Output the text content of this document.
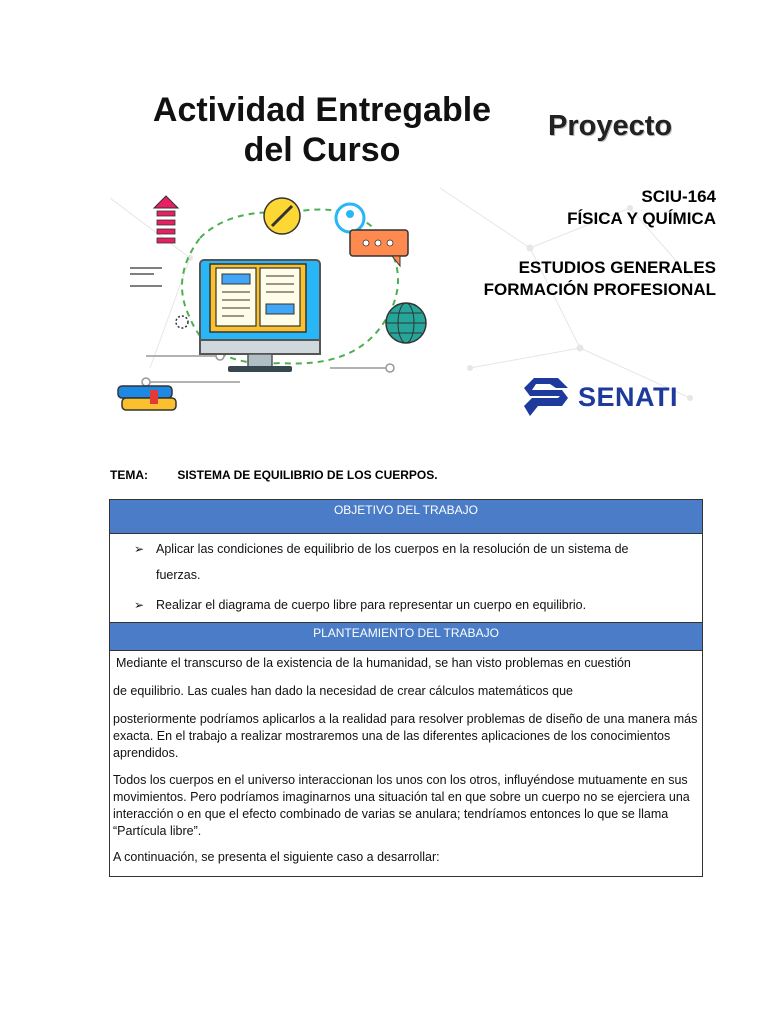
Actividad Entregable
del Curso
Proyecto
SCIU-164
FÍSICA Y QUÍMICA
ESTUDIOS GENERALES
FORMACIÓN PROFESIONAL
SENATI
TEMA: SISTEMA DE EQUILIBRIO DE LOS CUERPOS.
OBJETIVO DEL TRABAJO
➢ Aplicar las condiciones de equilibrio de los cuerpos en la resolución de un sistema de
fuerzas.
➢ Realizar el diagrama de cuerpo libre para representar un cuerpo en equilibrio.
PLANTEAMIENTO DEL TRABAJO

Mediante el transcurso de la existencia de la humanidad, se han visto problemas en cuestión

de equilibrio. Las cuales han dado la necesidad de crear cálculos matemáticos que

posteriormente podríamos aplicarlos a la realidad para resolver problemas de diseño de una manera más exacta. En el trabajo a realizar mostraremos una de las diferentes aplicaciones de los conocimientos aprendidos.

Todos los cuerpos en el universo interaccionan los unos con los otros, influyéndose mutuamente en sus movimientos. Pero podríamos imaginarnos una situación tal en que sobre un cuerpo no se ejerciera una interacción o en que el efecto combinado de varias se anulara; tendríamos entonces lo que se llama “Partícula libre”.

A continuación, se presenta el siguiente caso a desarrollar:
